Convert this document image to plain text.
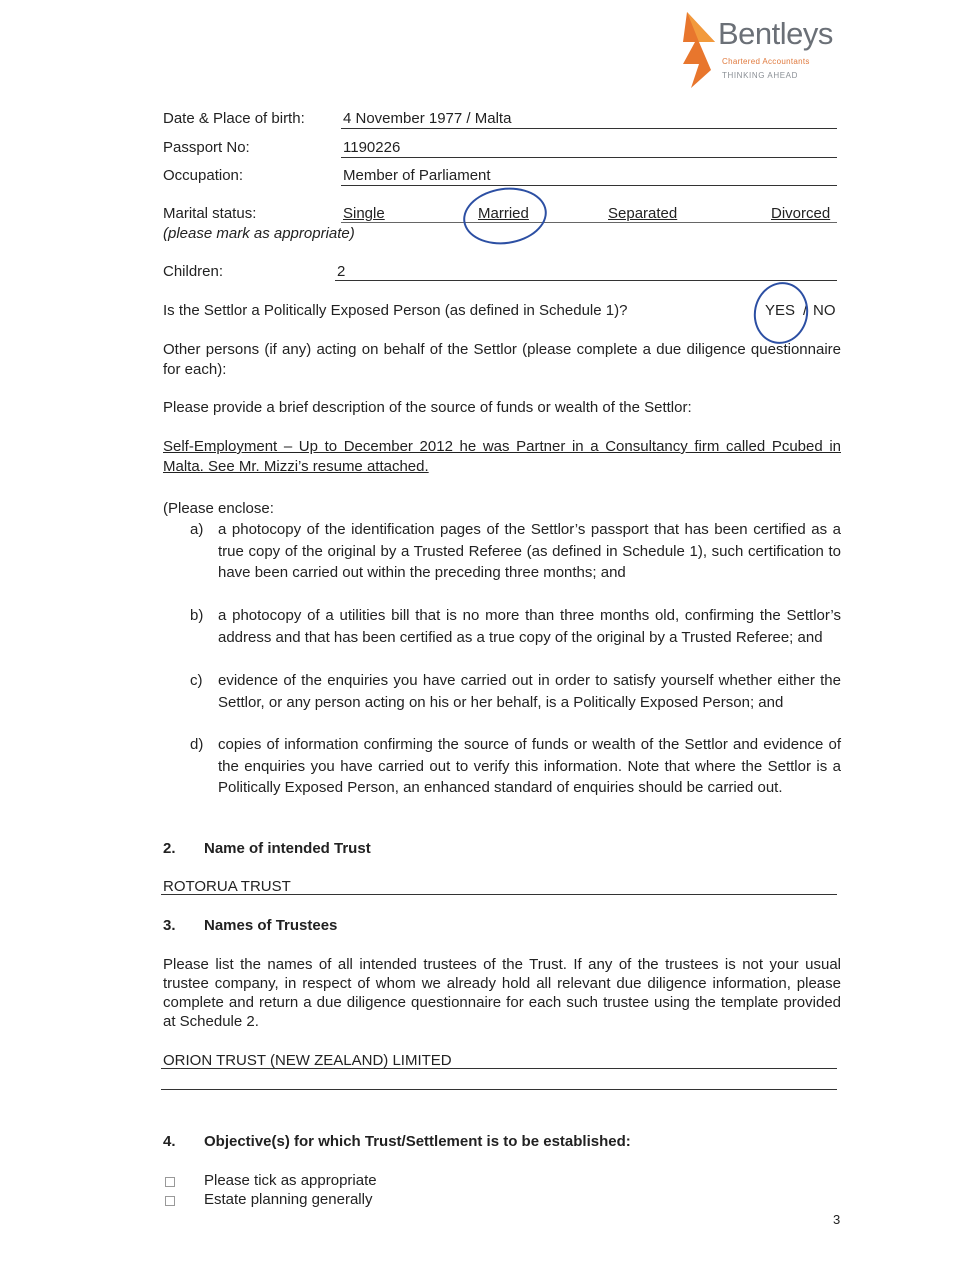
Bentleys
Chartered Accountants
THINKING AHEAD
Date & Place of birth:	4 November 1977 / Malta
Passport No:	1190226
Occupation:	Member of Parliament
Marital status:
(please mark as appropriate)
Single	Married	Separated	Divorced
Children:	2
Is the Settlor a Politically Exposed Person (as defined in Schedule 1)?	YES / NO
Other persons (if any) acting on behalf of the Settlor (please complete a due diligence questionnaire for each):
Please provide a brief description of the source of funds or wealth of the Settlor:
Self-Employment – Up to December 2012 he was Partner in a Consultancy firm called Pcubed in Malta. See Mr. Mizzi’s resume attached.
(Please enclose:
a) a photocopy of the identification pages of the Settlor’s passport that has been certified as a true copy of the original by a Trusted Referee (as defined in Schedule 1), such certification to have been carried out within the preceding three months; and
b) a photocopy of a utilities bill that is no more than three months old, confirming the Settlor’s address and that has been certified as a true copy of the original by a Trusted Referee; and
c) evidence of the enquiries you have carried out in order to satisfy yourself whether either the Settlor, or any person acting on his or her behalf, is a Politically Exposed Person; and
d) copies of information confirming the source of funds or wealth of the Settlor and evidence of the enquiries you have carried out to verify this information. Note that where the Settlor is a Politically Exposed Person, an enhanced standard of enquiries should be carried out.
2. Name of intended Trust
ROTORUA TRUST
3. Names of Trustees
Please list the names of all intended trustees of the Trust. If any of the trustees is not your usual trustee company, in respect of whom we already hold all relevant due diligence information, please complete and return a due diligence questionnaire for each such trustee using the template provided at Schedule 2.
ORION TRUST (NEW ZEALAND) LIMITED
4. Objective(s) for which Trust/Settlement is to be established:
Please tick as appropriate
Estate planning generally
3
